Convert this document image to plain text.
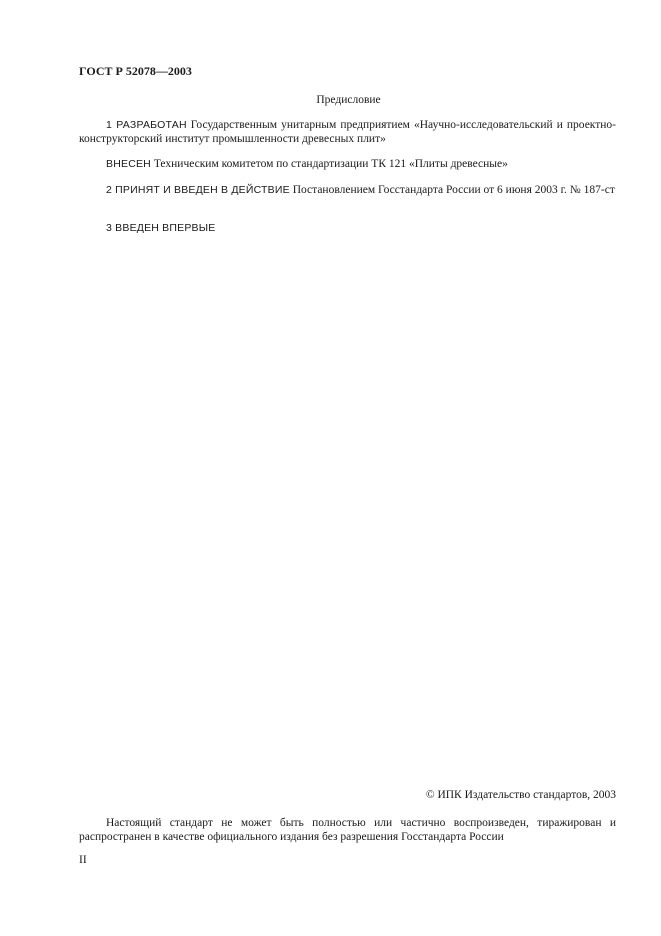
ГОСТ Р 52078—2003
Предисловие
1 РАЗРАБОТАН Государственным унитарным предприятием «Научно-исследовательский и проектно-конструкторский институт промышленности древесных плит»
ВНЕСЕН Техническим комитетом по стандартизации ТК 121 «Плиты древесные»
2 ПРИНЯТ И ВВЕДЕН В ДЕЙСТВИЕ Постановлением Госстандарта России от 6 июня 2003 г. № 187-ст
3 ВВЕДЕН ВПЕРВЫЕ
© ИПК Издательство стандартов, 2003
Настоящий стандарт не может быть полностью или частично воспроизведен, тиражирован и распространен в качестве официального издания без разрешения Госстандарта России
II
